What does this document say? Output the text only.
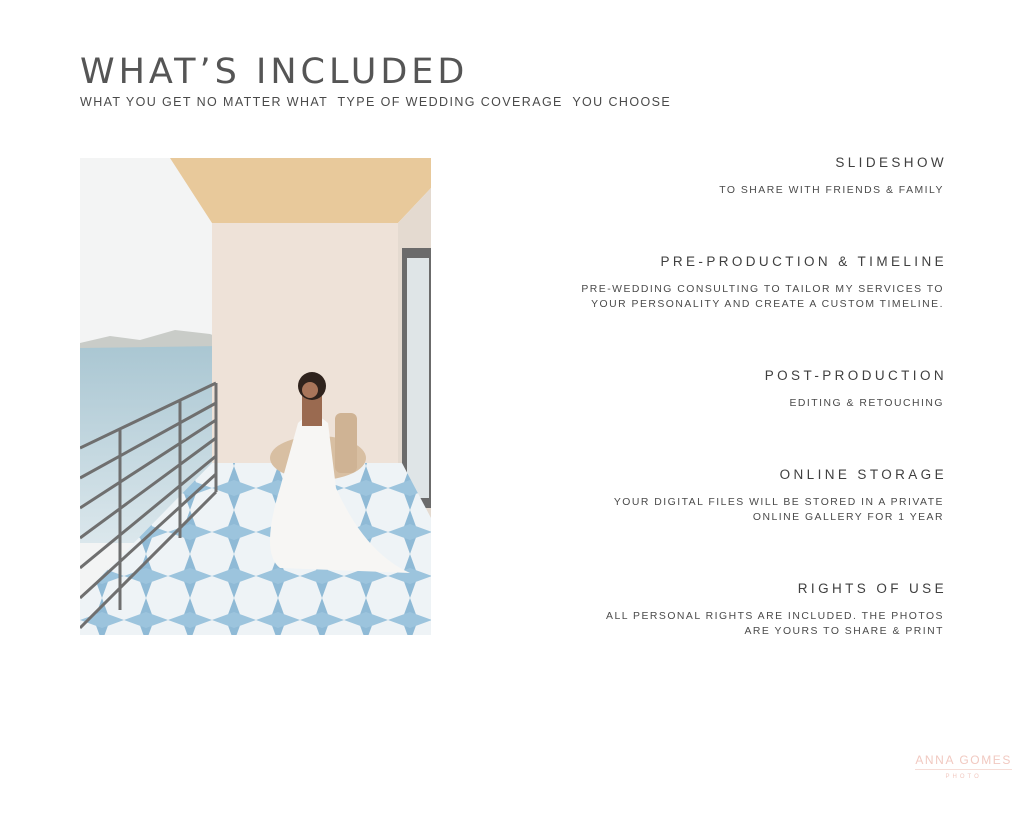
WHAT’S INCLUDED

WHAT YOU GET NO MATTER WHAT  TYPE OF WEDDING COVERAGE  YOU CHOOSE

SLIDESHOW
TO SHARE WITH FRIENDS & FAMILY
PRE-PRODUCTION & TIMELINE
PRE-WEDDING CONSULTING TO TAILOR MY SERVICES TO
YOUR PERSONALITY AND CREATE A CUSTOM TIMELINE.
POST-PRODUCTION
EDITING & RETOUCHING
ONLINE STORAGE
YOUR DIGITAL FILES WILL BE STORED IN A PRIVATE
ONLINE GALLERY FOR 1 YEAR
RIGHTS OF USE
ALL PERSONAL RIGHTS ARE INCLUDED. THE PHOTOS
ARE YOURS TO SHARE & PRINT
ANNA GOMES
PHOTO
